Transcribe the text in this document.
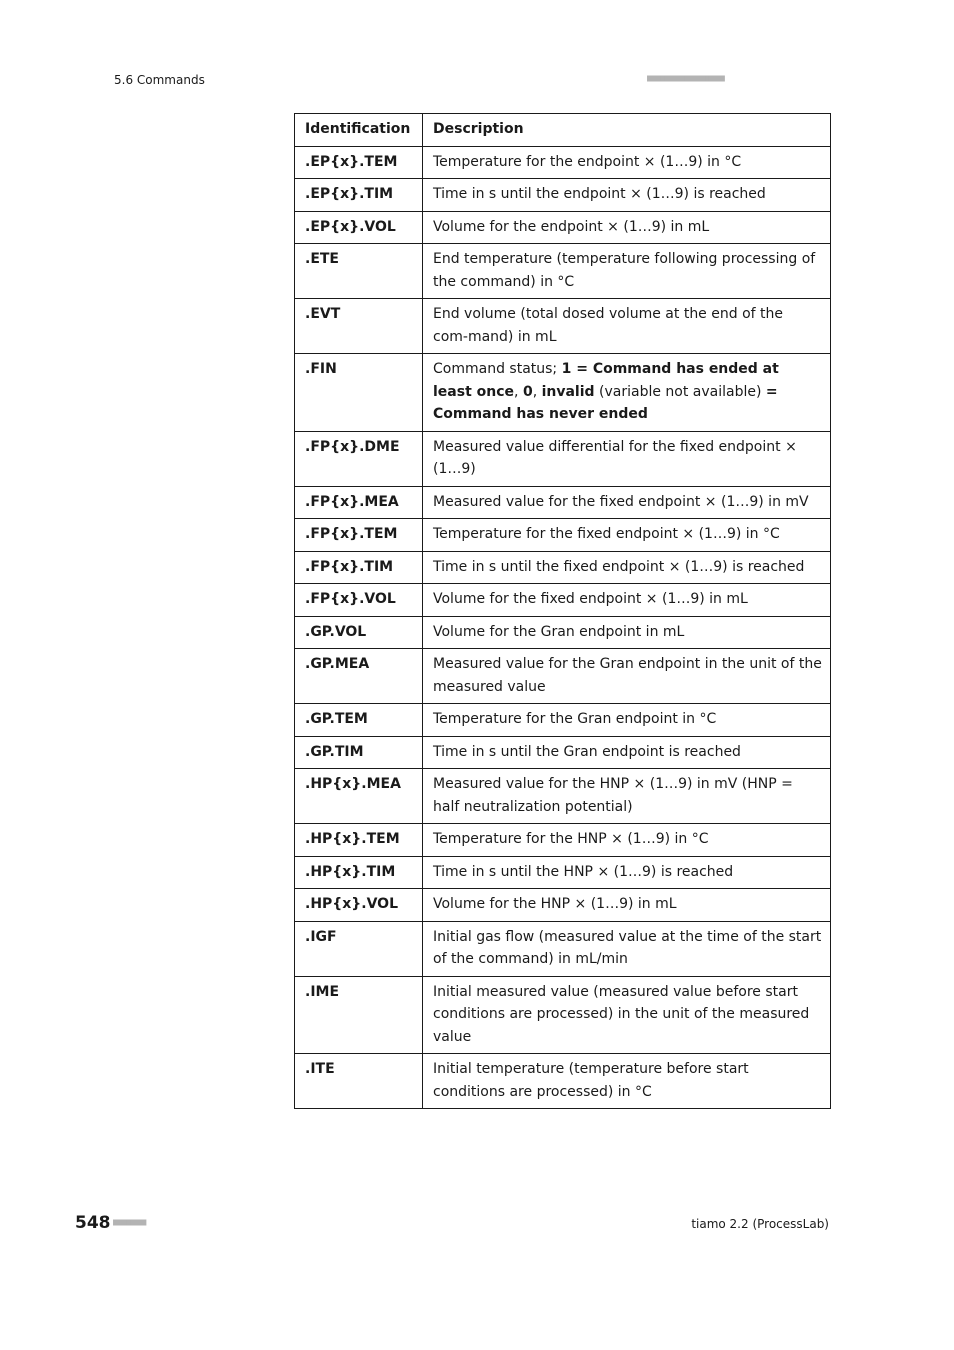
5.6 Commands	■■■■■■■■■■■■■■■■■■■■■■
Identification	Description
.EP{x}.TEM	Temperature for the endpoint × (1…9) in °C
.EP{x}.TIM	Time in s until the endpoint × (1…9) is reached
.EP{x}.VOL	Volume for the endpoint × (1…9) in mL
.ETE	End temperature (temperature following processing of the command) in °C
.EVT	End volume (total dosed volume at the end of the com-mand) in mL
.FIN	Command status; 1 = Command has ended at least once, 0, invalid (variable not available) = Command has never ended
.FP{x}.DME	Measured value differential for the fixed endpoint × (1…9)
.FP{x}.MEA	Measured value for the fixed endpoint × (1…9) in mV
.FP{x}.TEM	Temperature for the fixed endpoint × (1…9) in °C
.FP{x}.TIM	Time in s until the fixed endpoint × (1…9) is reached
.FP{x}.VOL	Volume for the fixed endpoint × (1…9) in mL
.GP.VOL	Volume for the Gran endpoint in mL
.GP.MEA	Measured value for the Gran endpoint in the unit of the measured value
.GP.TEM	Temperature for the Gran endpoint in °C
.GP.TIM	Time in s until the Gran endpoint is reached
.HP{x}.MEA	Measured value for the HNP × (1…9) in mV (HNP = half neutralization potential)
.HP{x}.TEM	Temperature for the HNP × (1…9) in °C
.HP{x}.TIM	Time in s until the HNP × (1…9) is reached
.HP{x}.VOL	Volume for the HNP × (1…9) in mL
.IGF	Initial gas flow (measured value at the time of the start of the command) in mL/min
.IME	Initial measured value (measured value before start conditions are processed) in the unit of the measured value
.ITE	Initial temperature (temperature before start conditions are processed) in °C
548 ■■■■■■■■■	tiamo 2.2 (ProcessLab)
